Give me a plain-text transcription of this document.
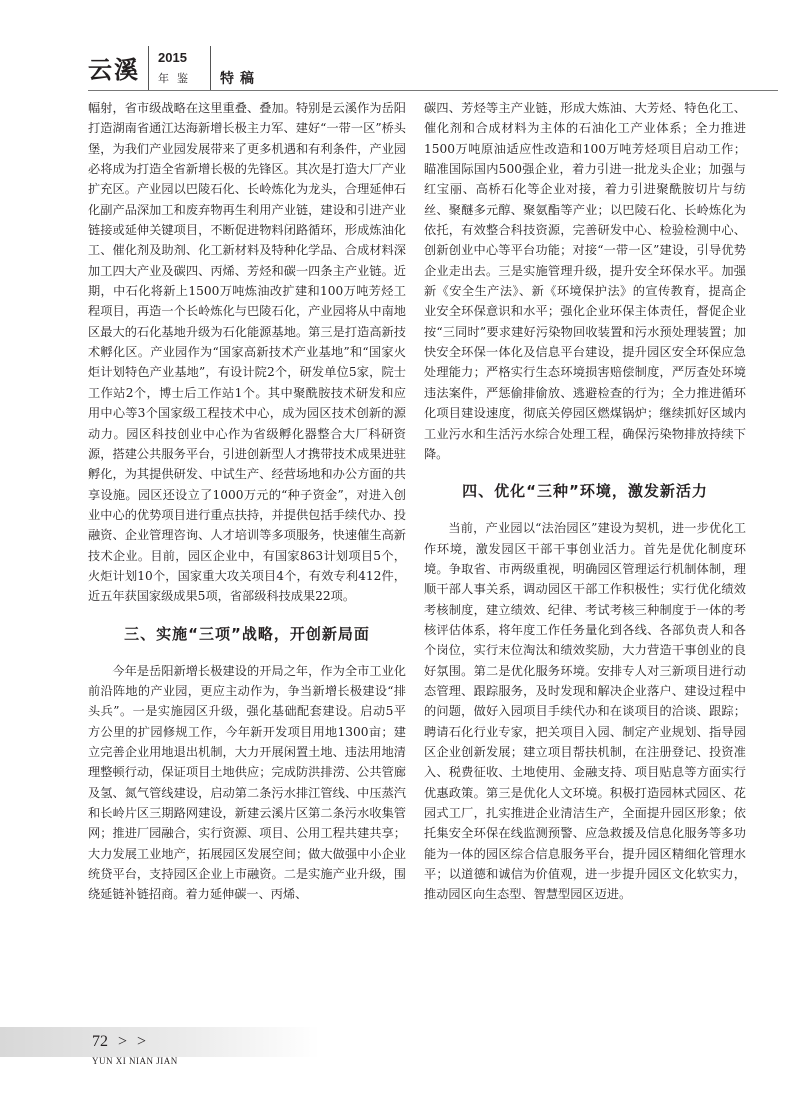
云溪 2015
年鉴 特稿

幅射，省市级战略在这里重叠、叠加。特别是云溪作为岳阳打造湖南省通江达海新增长极主力军、建好“一带一区”桥头堡，为我们产业园发展带来了更多机遇和有利条件，产业园必将成为打造全省新增长极的先锋区。其次是打造大厂产业扩充区。产业园以巴陵石化、长岭炼化为龙头，合理延伸石化副产品深加工和废弃物再生利用产业链，建设和引进产业链接或延伸关键项目，不断促进物料闭路循环，形成炼油化工、催化剂及助剂、化工新材料及特种化学品、合成材料深加工四大产业及碳四、丙烯、芳烃和碳一四条主产业链。近期，中石化将新上1500万吨炼油改扩建和100万吨芳烃工程项目，再造一个长岭炼化与巴陵石化，产业园将从中南地区最大的石化基地升级为石化能源基地。第三是打造高新技术孵化区。产业园作为“国家高新技术产业基地”和“国家火炬计划特色产业基地”，有设计院2个，研发单位5家，院士工作站2个，博士后工作站1个。其中聚酰胺技术研发和应用中心等3个国家级工程技术中心，成为园区技术创新的源动力。园区科技创业中心作为省级孵化器整合大厂科研资源，搭建公共服务平台，引进创新型人才携带技术成果进驻孵化，为其提供研发、中试生产、经营场地和办公方面的共享设施。园区还设立了1000万元的“种子资金”，对进入创业中心的优势项目进行重点扶持，并提供包括手续代办、投融资、企业管理咨询、人才培训等多项服务，快速催生高新技术企业。目前，园区企业中，有国家863计划项目5个，火炬计划10个，国家重大攻关项目4个，有效专利412件，近五年获国家级成果5项，省部级科技成果22项。

三、实施“三项”战略，开创新局面

今年是岳阳新增长极建设的开局之年，作为全市工业化前沿阵地的产业园，更应主动作为，争当新增长极建设“排头兵”。一是实施园区升级，强化基础配套建设。启动5平方公里的扩园修规工作，今年新开发项目用地1300亩；建立完善企业用地退出机制，大力开展闲置土地、违法用地清理整顿行动，保证项目土地供应；完成防洪排涝、公共管廊及氢、氮气管线建设，启动第二条污水排江管线、中压蒸汽和长岭片区三期路网建设，新建云溪片区第二条污水收集管网；推进厂园融合，实行资源、项目、公用工程共建共享；大力发展工业地产，拓展园区发展空间；做大做强中小企业统贷平台，支持园区企业上市融资。二是实施产业升级，围绕延链补链招商。着力延伸碳一、丙烯、

碳四、芳烃等主产业链，形成大炼油、大芳烃、特色化工、催化剂和合成材料为主体的石油化工产业体系；全力推进1500万吨原油适应性改造和100万吨芳烃项目启动工作；瞄准国际国内500强企业，着力引进一批龙头企业；加强与红宝丽、高桥石化等企业对接，着力引进聚酰胺切片与纺丝、聚醚多元醇、聚氨酯等产业；以巴陵石化、长岭炼化为依托，有效整合科技资源，完善研发中心、检验检测中心、创新创业中心等平台功能；对接“一带一区”建设，引导优势企业走出去。三是实施管理升级，提升安全环保水平。加强新《安全生产法》、新《环境保护法》的宣传教育，提高企业安全环保意识和水平；强化企业环保主体责任，督促企业按“三同时”要求建好污染物回收装置和污水预处理装置；加快安全环保一体化及信息平台建设，提升园区安全环保应急处理能力；严格实行生态环境损害赔偿制度，严厉查处环境违法案件，严惩偷排偷放、逃避检查的行为；全力推进循环化项目建设速度，彻底关停园区燃煤锅炉；继续抓好区域内工业污水和生活污水综合处理工程，确保污染物排放持续下降。

四、优化“三种”环境，激发新活力

当前，产业园以“法治园区”建设为契机，进一步优化工作环境，激发园区干部干事创业活力。首先是优化制度环境。争取省、市两级重视，明确园区管理运行机制体制，理顺干部人事关系，调动园区干部工作积极性；实行优化绩效考核制度，建立绩效、纪律、考试考核三种制度于一体的考核评估体系，将年度工作任务量化到各线、各部负责人和各个岗位，实行末位淘汰和绩效奖励，大力营造干事创业的良好氛围。第二是优化服务环境。安排专人对三新项目进行动态管理、跟踪服务，及时发现和解决企业落户、建设过程中的问题，做好入园项目手续代办和在谈项目的洽谈、跟踪；聘请石化行业专家，把关项目入园、制定产业规划、指导园区企业创新发展；建立项目帮扶机制，在注册登记、投资准入、税费征收、土地使用、金融支持、项目贴息等方面实行优惠政策。第三是优化人文环境。积极打造园林式园区、花园式工厂，扎实推进企业清洁生产，全面提升园区形象；依托集安全环保在线监测预警、应急救援及信息化服务等多功能为一体的园区综合信息服务平台，提升园区精细化管理水平；以道德和诚信为价值观，进一步提升园区文化软实力，推动园区向生态型、智慧型园区迈进。

72 > >
YUN XI NIAN JIAN
